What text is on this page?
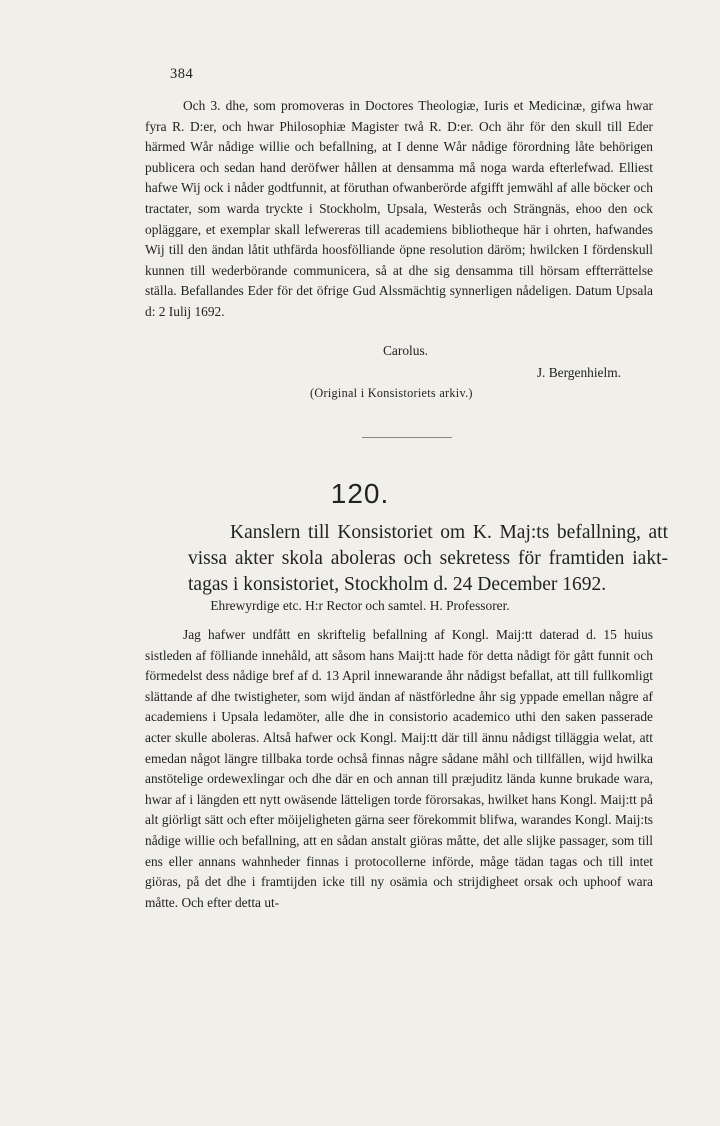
384

Och 3. dhe, som promoveras in Doctores Theologiæ, Iuris et Medicinæ, gifwa hwar fyra R. D:er, och hwar Philosophiæ Magister twå R. D:er. Och ähr för den skull till Eder härmed Wår nådige willie och befallning, at I denne Wår nådige förordning låte behörigen publicera och sedan hand deröfwer hållen at densamma må noga warda efterlefwad. Elliest hafwe Wij ock i nåder godtfunnit, at föruthan ofwanberörde afgifft jemwähl af alle böcker och tractater, som warda tryckte i Stockholm, Upsala, Westerås och Strängnäs, ehoo den ock opläggare, et exemplar skall lefwereras till academiens bibliotheque här i ohrten, hafwandes Wij till den ändan låtit uthfärda hoosfölliande öpne resolution däröm; hwilcken I fördenskull kunnen till wederbörande communicera, så at dhe sig densamma till hörsam effterrättelse ställa. Befallandes Eder för det öfrige Gud Alssmächtig synnerligen nådeligen. Datum Upsala d: 2 Iulij 1692.

Carolus.
J. Bergenhielm.
(Original i Konsistoriets arkiv.)
120.

Kanslern till Konsistoriet om K. Maj:ts befallning, att vissa akter skola aboleras och sekretess för framtiden iakt- tagas i konsistoriet, Stockholm d. 24 December 1692.

Ehrewyrdige etc. H:r Rector och samtel. H. Professorer.

Jag hafwer undfått en skriftelig befallning af Kongl. Maij:tt daterad d. 15 huius sistleden af fölliande innehåld, att såsom hans Maij:tt hade för detta nådigt för gått funnit och förmedelst dess nådige bref af d. 13 April innewarande åhr nådigst befallat, att till fullkomligt slättande af dhe twistigheter, som wijd ändan af nästförledne åhr sig yppade emellan någre af academiens i Upsala ledamöter, alle dhe in consistorio academico uthi den saken passerade acter skulle aboleras. Altså hafwer ock Kongl. Maij:tt där till ännu nådigst tilläggia welat, att emedan något längre tillbaka torde ochså finnas någre sådane måhl och tillfällen, wijd hwilka anstötelige ordewexlingar och dhe där en och annan till præjuditz lända kunne brukade wara, hwar af i längden ett nytt owäsende lätteligen torde förorsakas, hwilket hans Kongl. Maij:tt på alt giörligt sätt och efter möijeligheten gärna seer förekommit blifwa, warandes Kongl. Maij:ts nådige willie och befallning, att en sådan anstalt giöras måtte, det alle slijke passager, som till ens eller annans wahnheder finnas i protocollerne införde, måge tädan tagas och till intet giöras, på det dhe i framtijden icke till ny osämia och strijdigheet orsak och uphoof wara måtte. Och efter detta ut-
